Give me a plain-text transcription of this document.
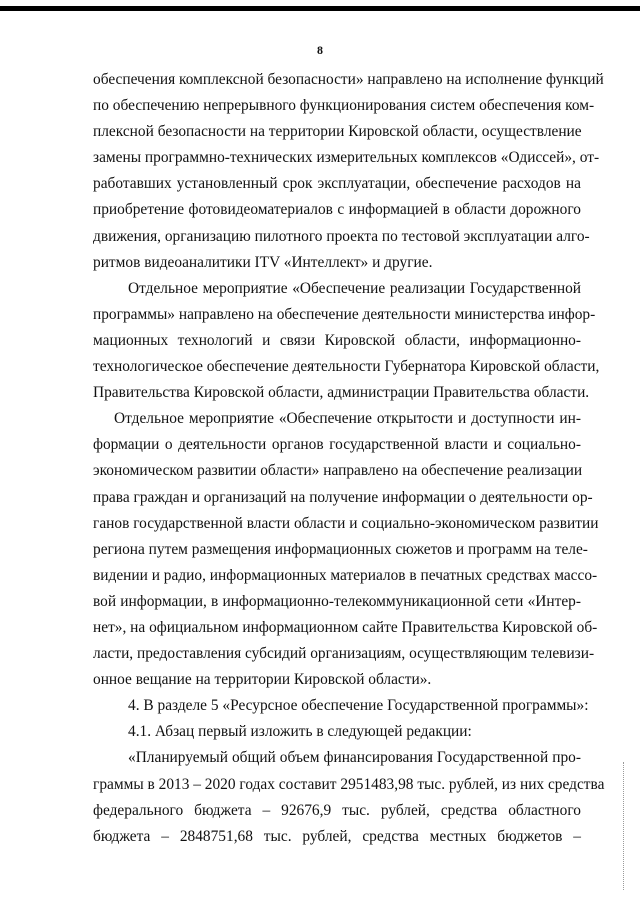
8
обеспечения комплексной безопасности» направлено на исполнение функций
по обеспечению непрерывного функционирования систем обеспечения ком-
плексной безопасности на территории Кировской области, осуществление
замены программно-технических измерительных комплексов «Одиссей», от-
работавших установленный срок эксплуатации, обеспечение расходов на
приобретение фотовидеоматериалов с информацией в области дорожного
движения, организацию пилотного проекта по тестовой эксплуатации алго-
ритмов видеоаналитики ITV «Интеллект» и другие.
Отдельное мероприятие «Обеспечение реализации Государственной
программы» направлено на обеспечение деятельности министерства инфор-
мационных технологий и связи Кировской области, информационно-
технологическое обеспечение деятельности Губернатора Кировской области,
Правительства Кировской области, администрации Правительства области.
Отдельное мероприятие «Обеспечение открытости и доступности ин-
формации о деятельности органов государственной власти и социально-
экономическом развитии области» направлено на обеспечение реализации
права граждан и организаций на получение информации о деятельности ор-
ганов государственной власти области и социально-экономическом развитии
региона путем размещения информационных сюжетов и программ на теле-
видении и радио, информационных материалов в печатных средствах массо-
вой информации, в информационно-телекоммуникационной сети «Интер-
нет», на официальном информационном сайте Правительства Кировской об-
ласти, предоставления субсидий организациям, осуществляющим телевизи-
онное вещание на территории Кировской области».
4. В разделе 5 «Ресурсное обеспечение Государственной программы»:
4.1. Абзац первый изложить в следующей редакции:
«Планируемый общий объем финансирования Государственной про-
граммы в 2013 – 2020 годах составит 2951483,98 тыс. рублей, из них средства
федерального бюджета – 92676,9 тыс. рублей, средства областного
бюджета – 2848751,68 тыс. рублей, средства местных бюджетов –
